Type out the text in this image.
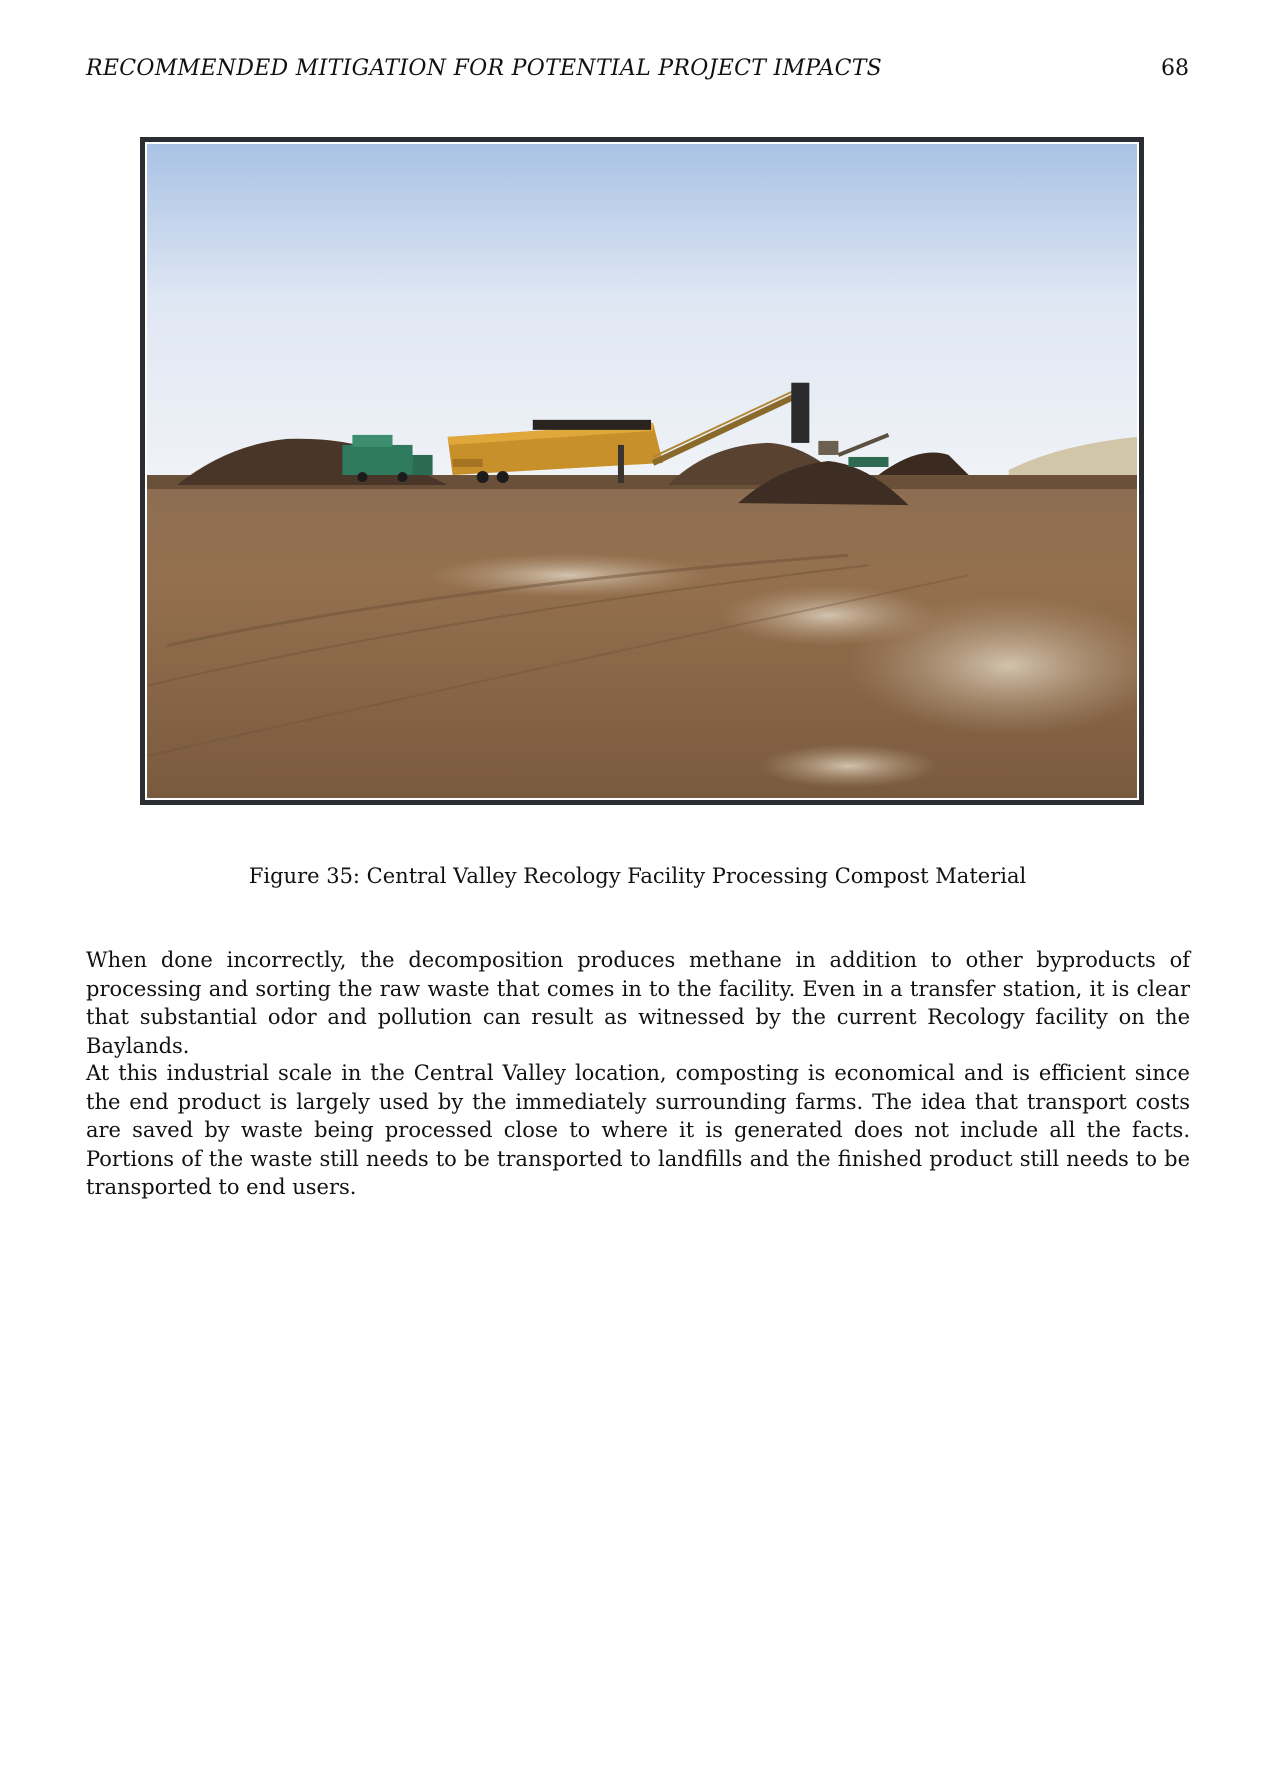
RECOMMENDED MITIGATION FOR POTENTIAL PROJECT IMPACTS	68
Figure 35: Central Valley Recology Facility Processing Compost Material

When done incorrectly, the decomposition produces methane in addition to other byproducts of processing and sorting the raw waste that comes in to the facility. Even in a transfer station, it is clear that substantial odor and pollution can result as witnessed by the current Recology facility on the Baylands.

At this industrial scale in the Central Valley location, composting is economical and is efficient since the end product is largely used by the immediately surrounding farms. The idea that transport costs are saved by waste being processed close to where it is generated does not include all the facts. Portions of the waste still needs to be transported to landfills and the finished product still needs to be transported to end users.
